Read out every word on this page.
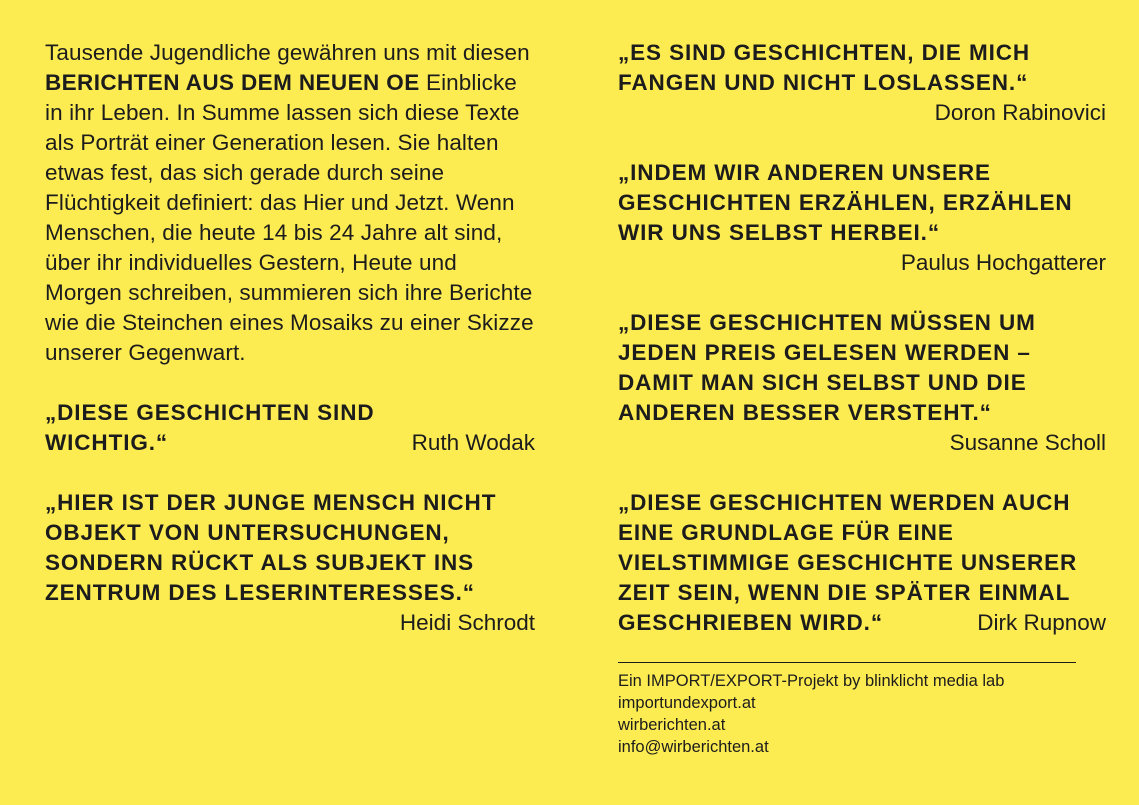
Tausende Jugendliche gewähren uns mit diesen BERICHTEN AUS DEM NEUEN OE Einblicke in ihr Leben. In Summe lassen sich diese Texte als Porträt einer Generation lesen. Sie halten etwas fest, das sich gerade durch seine Flüchtigkeit definiert: das Hier und Jetzt. Wenn Menschen, die heute 14 bis 24 Jahre alt sind, über ihr individuelles Gestern, Heute und Morgen schreiben, summieren sich ihre Berichte wie die Steinchen eines Mosaiks zu einer Skizze unserer Gegenwart.

„DIESE GESCHICHTEN SIND WICHTIG.“	Ruth Wodak

„HIER IST DER JUNGE MENSCH NICHT OBJEKT VON UNTERSUCHUNGEN, SONDERN RÜCKT ALS SUBJEKT INS ZENTRUM DES LESERINTERESSES.“

Heidi Schrodt

„ES SIND GESCHICHTEN, DIE MICH FANGEN UND NICHT LOSLASSEN.“

Doron Rabinovici

„INDEM WIR ANDEREN UNSERE GESCHICHTEN ERZÄHLEN, ERZÄHLEN WIR UNS SELBST HERBEI.“

Paulus Hochgatterer

„DIESE GESCHICHTEN MÜSSEN UM JEDEN PREIS GELESEN WERDEN – DAMIT MAN SICH SELBST UND DIE ANDEREN BESSER VERSTEHT.“

Susanne Scholl

„DIESE GESCHICHTEN WERDEN AUCH EINE GRUNDLAGE FÜR EINE VIELSTIMMIGE GESCHICHTE UNSERER ZEIT SEIN, WENN DIE SPÄTER EINMAL GESCHRIEBEN WIRD.“	Dirk Rupnow

Ein IMPORT/EXPORT-Projekt by blinklicht media lab

importundexport.at

wirberichten.at

info@wirberichten.at
